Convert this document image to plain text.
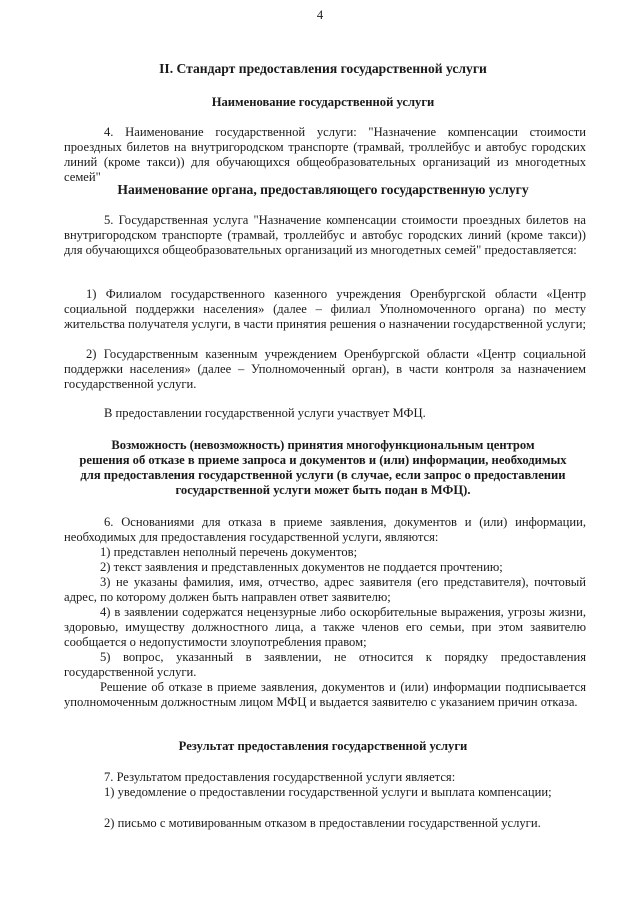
4
II. Стандарт предоставления государственной услуги
Наименование государственной услуги
4. Наименование государственной услуги: "Назначение компенсации стоимости проездных билетов на внутригородском транспорте (трамвай, троллейбус и автобус городских линий (кроме такси)) для обучающихся общеобразовательных организаций из многодетных семей"
Наименование органа, предоставляющего государственную услугу
5. Государственная услуга "Назначение компенсации стоимости проездных билетов на внутригородском транспорте (трамвай, троллейбус и автобус городских линий (кроме такси)) для обучающихся общеобразовательных организаций из многодетных семей" предоставляется:
1) Филиалом государственного казенного учреждения Оренбургской области «Центр социальной поддержки населения» (далее – филиал Уполномоченного органа) по месту жительства получателя услуги, в части принятия решения о назначении государственной услуги;
2) Государственным казенным учреждением Оренбургской области «Центр социальной поддержки населения» (далее – Уполномоченный орган), в части контроля за назначением государственной услуги.
В предоставлении государственной услуги участвует МФЦ.
Возможность (невозможность) принятия многофункциональным центром
решения об отказе в приеме запроса и документов и (или) информации, необходимых
для предоставления государственной услуги (в случае, если запрос о предоставлении
государственной услуги может быть подан в МФЦ).
6. Основаниями для отказа в приеме заявления, документов и (или) информации, необходимых для предоставления государственной услуги, являются:
1) представлен неполный перечень документов;
2) текст заявления и представленных документов не поддается прочтению;
3) не указаны фамилия, имя, отчество, адрес заявителя (его представителя), почтовый адрес, по которому должен быть направлен ответ заявителю;
4) в заявлении содержатся нецензурные либо оскорбительные выражения, угрозы жизни, здоровью, имуществу должностного лица, а также членов его семьи, при этом заявителю сообщается о недопустимости злоупотребления правом;
5) вопрос, указанный в заявлении, не относится к порядку предоставления государственной услуги.
Решение об отказе в приеме заявления, документов и (или) информации подписывается уполномоченным должностным лицом МФЦ и выдается заявителю с указанием причин отказа.
Результат предоставления государственной услуги
7. Результатом предоставления государственной услуги является:
1) уведомление о предоставлении государственной услуги и выплата компенсации;
2) письмо с мотивированным отказом в предоставлении государственной услуги.
